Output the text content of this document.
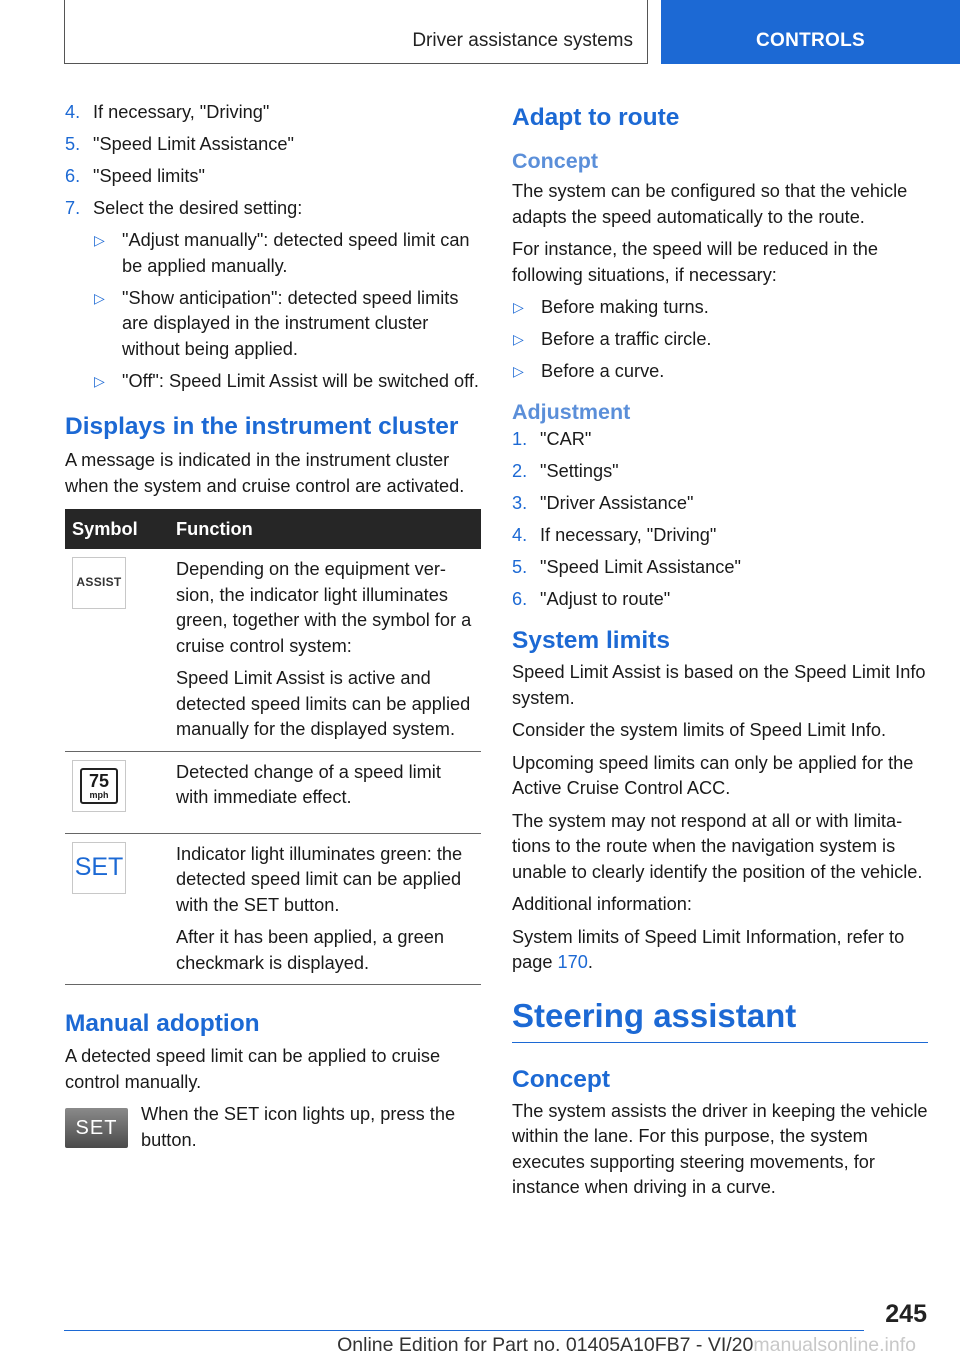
Driver assistance systems	CONTROLS
4. If necessary, "Driving"
5. "Speed Limit Assistance"
6. "Speed limits"
7. Select the desired setting:
▷ "Adjust manually": detected speed limit can be applied manually.
▷ "Show anticipation": detected speed limits are displayed in the instrument cluster without being applied.
▷ "Off": Speed Limit Assist will be switched off.
Displays in the instrument cluster

A message is indicated in the instrument cluster when the system and cruise control are activated.

Symbol	Function

ASSIST	Depending on the equipment version, the indicator light illuminates green, together with the symbol for a cruise control system:

Speed Limit Assist is active and detected speed limits can be applied manually for the displayed system.

75
mph	Detected change of a speed limit with immediate effect.

SET	Indicator light illuminates green: the detected speed limit can be applied with the SET button.

After it has been applied, a green checkmark is displayed.

Manual adoption

A detected speed limit can be applied to cruise control manually.

SET

When the SET icon lights up, press the button.

Adapt to route
Concept

The system can be configured so that the vehicle adapts the speed automatically to the route.

For instance, the speed will be reduced in the following situations, if necessary:

▷ Before making turns.
▷ Before a traffic circle.
▷ Before a curve.
Adjustment
1. "CAR"
2. "Settings"
3. "Driver Assistance"
4. If necessary, "Driving"
5. "Speed Limit Assistance"
6. "Adjust to route"
System limits

Speed Limit Assist is based on the Speed Limit Info system.

Consider the system limits of Speed Limit Info.

Upcoming speed limits can only be applied for the Active Cruise Control ACC.

The system may not respond at all or with limitations to the route when the navigation system is unable to clearly identify the position of the vehicle.

Additional information:

System limits of Speed Limit Information, refer to page 170.

Steering assistant
Concept

The system assists the driver in keeping the vehicle within the lane. For this purpose, the system executes supporting steering movements, for instance when driving in a curve.

245
Online Edition for Part no. 01405A10FB7 - VI/20manualsonline.info
